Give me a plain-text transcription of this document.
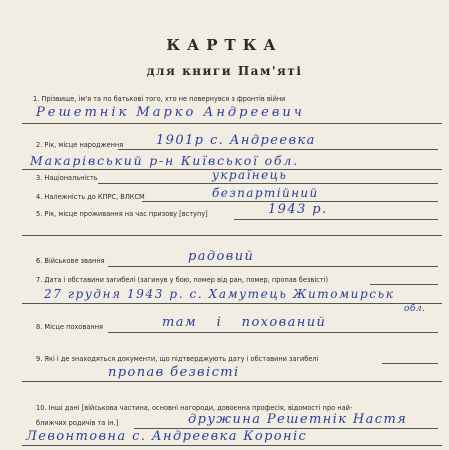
КАРТКА
для книги Пам'яті
1. Прізвище, ім'я та по батькові того, хто не повернувся з фронтів війни
Решетнік Марко Андреевич
2. Рік, місце народження	1901р с. Андреевка
Макарівський р-н Київської обл.
3. Національність	українець
4. Належність до КПРС, ВЛКСМ	безпартійний
5. Рік, місце проживання на час призову [вступу]	1943 р.
6. Військове звання	радовий
7. Дата і обставини загибелі (загинув у бою, помер від ран, помер, пропав безвісті)
27 грудня 1943 р. с. Хамутець Житомирськ
обл.
8. Місце поховання	там і похований
9. Які і де знаходяться документи, що підтверджують дату і обставини загибелі
пропав безвісті
10. Інші дані [військова частина, основні нагороди, довоєнна професія, відомості про най-
ближчих родичів та ін.]	дружина Решетнік Настя
Левонтовна с. Андреевка Короніс
